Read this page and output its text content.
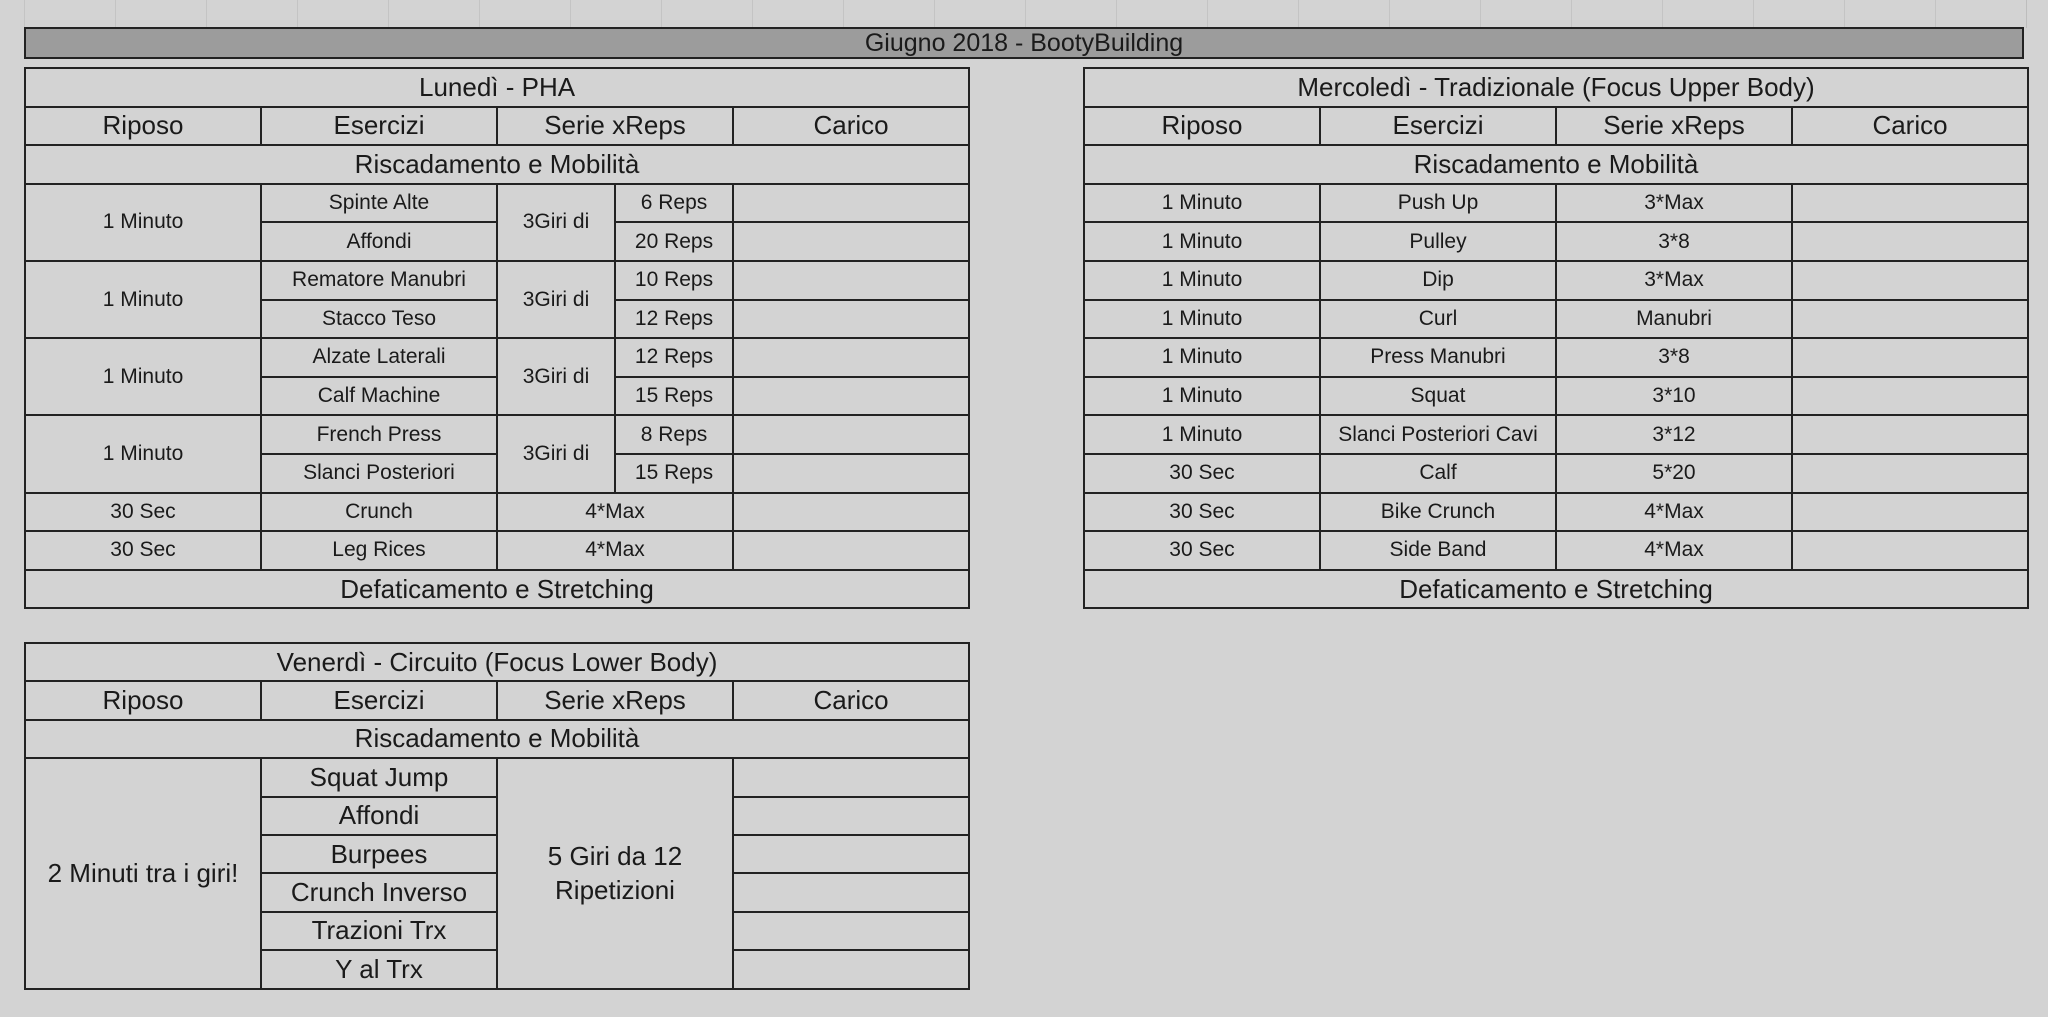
Giugno 2018 - BootyBuilding
Lunedì - PHA				
Riposo	Esercizi	Serie xReps		Carico
Riscadamento e Mobilità				
1 Minuto	Spinte Alte	3Giri di	6 Reps	
	Affondi		20 Reps	
1 Minuto	Rematore Manubri	3Giri di	10 Reps	
	Stacco Teso		12 Reps	
1 Minuto	Alzate Laterali	3Giri di	12 Reps	
	Calf Machine		15 Reps	
1 Minuto	French Press	3Giri di	8 Reps	
	Slanci Posteriori		15 Reps	
30 Sec	Crunch	4*Max		
30 Sec	Leg Rices	4*Max		
Defaticamento e Stretching				
Mercoledì - Tradizionale (Focus Upper Body)			
Riposo	Esercizi	Serie xReps	Carico
Riscadamento e Mobilità			
1 Minuto	Push Up	3*Max	
1 Minuto	Pulley	3*8	
1 Minuto	Dip	3*Max	
1 Minuto	Curl	Manubri	
1 Minuto	Press Manubri	3*8	
1 Minuto	Squat	3*10	
1 Minuto	Slanci Posteriori Cavi	3*12	
30 Sec	Calf	5*20	
30 Sec	Bike Crunch	4*Max	
30 Sec	Side Band	4*Max	
Defaticamento e Stretching			
Venerdì - Circuito (Focus Lower Body)			
Riposo	Esercizi	Serie xReps	Carico
Riscadamento e Mobilità			
2 Minuti tra i giri!	Squat Jump	5 Giri da 12 Ripetizioni	
	Affondi		
	Burpees		
	Crunch Inverso		
	Trazioni Trx		
	Y al Trx		
